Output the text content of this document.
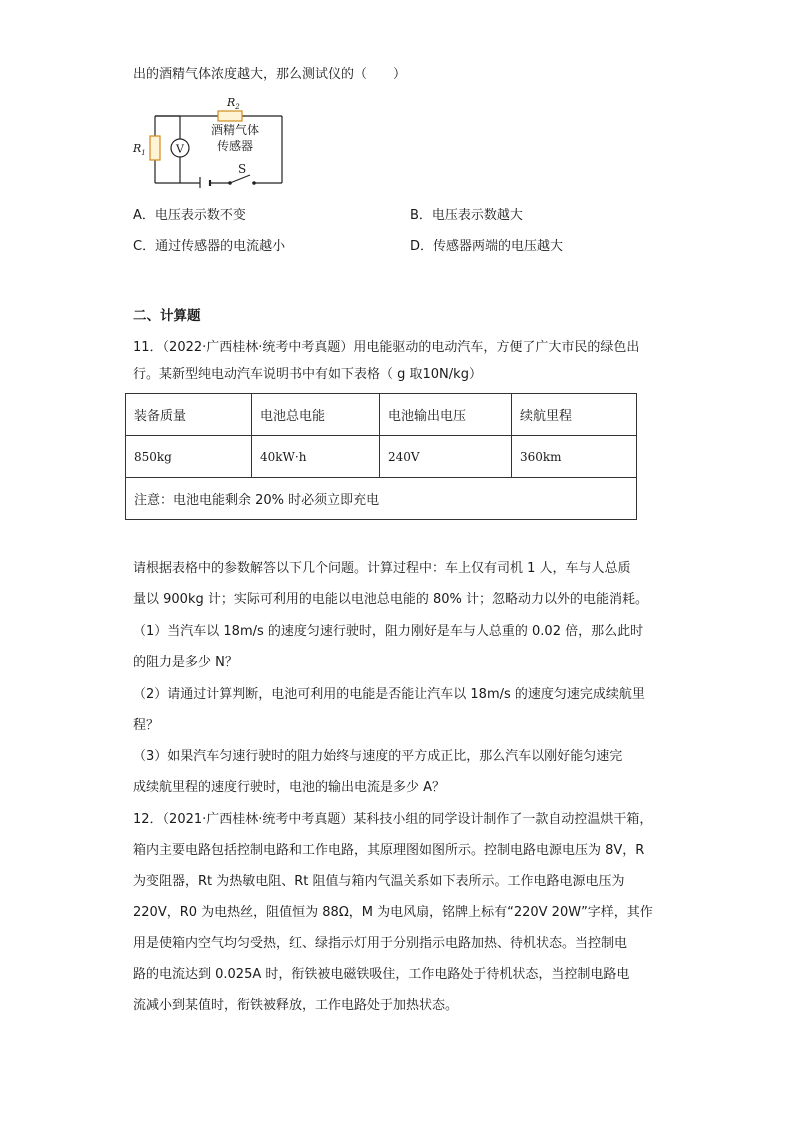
出的酒精气体浓度越大，那么测试仪的（　　）
V
S
$R_2$
$R_1$
酒精气体
传感器
A．电压表示数不变	B．电压表示数越大
C．通过传感器的电流越小	D．传感器两端的电压越大
二、计算题
11．（2022·广西桂林·统考中考真题）用电能驱动的电动汽车，方便了广大市民的绿色出
行。某新型纯电动汽车说明书中有如下表格（ g 取10N/kg）
装备质量	电池总电能	电池输出电压	续航里程
850kg	40kW·h	240V	360km
注意：电池电能剩余 20% 时必须立即充电			
请根据表格中的参数解答以下几个问题。计算过程中：车上仅有司机 1 人，车与人总质
量以 900kg 计；实际可利用的电能以电池总电能的 80% 计；忽略动力以外的电能消耗。
（1）当汽车以 18m/s 的速度匀速行驶时，阻力刚好是车与人总重的 0.02 倍，那么此时
的阻力是多少 N？
（2）请通过计算判断，电池可利用的电能是否能让汽车以 18m/s 的速度匀速完成续航里
程？
（3）如果汽车匀速行驶时的阻力始终与速度的平方成正比，那么汽车以刚好能匀速完
成续航里程的速度行驶时，电池的输出电流是多少 A？
12．（2021·广西桂林·统考中考真题）某科技小组的同学设计制作了一款自动控温烘干箱，
箱内主要电路包括控制电路和工作电路，其原理图如图所示。控制电路电源电压为 8V，R
为变阻器，Rt 为热敏电阻、Rt 阻值与箱内气温关系如下表所示。工作电路电源电压为
220V，R0 为电热丝，阻值恒为 88Ω，M 为电风扇，铭牌上标有“220V 20W”字样，其作
用是使箱内空气均匀受热，红、绿指示灯用于分别指示电路加热、待机状态。当控制电
路的电流达到 0.025A 时，衔铁被电磁铁吸住，工作电路处于待机状态，当控制电路电
流减小到某值时，衔铁被释放，工作电路处于加热状态。
